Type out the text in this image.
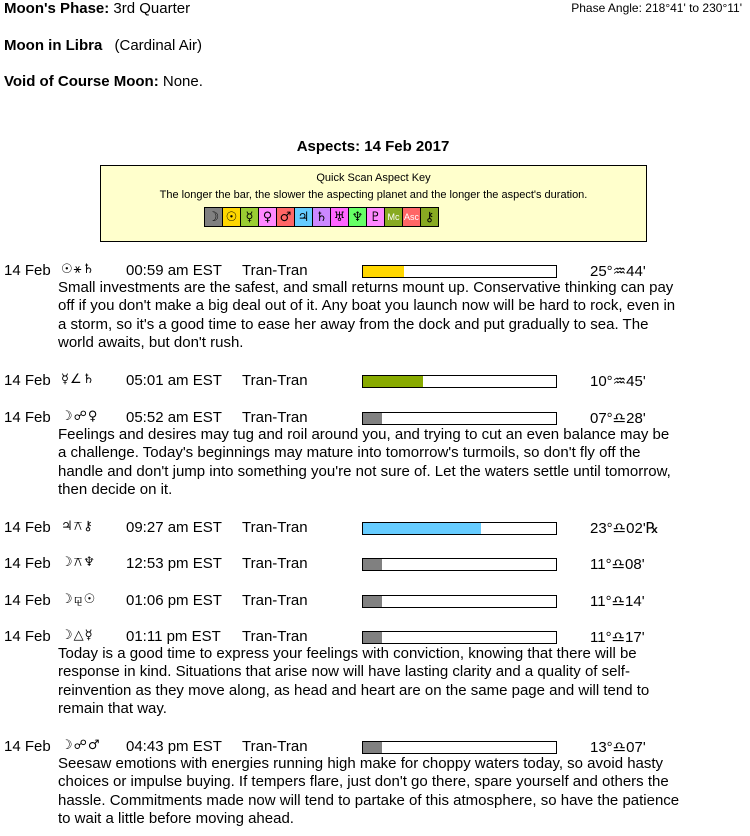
Moon's Phase: 3rd Quarter	Phase Angle: 218°41' to 230°11'
Moon in Libra (Cardinal Air)
Void of Course Moon: None.
Aspects: 14 Feb 2017
Quick Scan Aspect Key
The longer the bar, the slower the aspecting planet and the longer the aspect's duration.
☽ ☉ ☿ ♀ ♂ ♃ ♄ ♅ ♆ ♇ Mc Asc ⚷
14 Feb ☉⚹♄ 00:59 am EST Tran-Tran	25°♒44'
Small investments are the safest, and small returns mount up. Conservative thinking can pay
off if you don't make a big deal out of it. Any boat you launch now will be hard to rock, even in
a storm, so it's a good time to ease her away from the dock and put gradually to sea. The
world awaits, but don't rush.
14 Feb ☿∠♄ 05:01 am EST Tran-Tran	10°♒45'
14 Feb ☽☍♀ 05:52 am EST Tran-Tran	07°♎28'
Feelings and desires may tug and roil around you, and trying to cut an even balance may be
a challenge. Today's beginnings may mature into tomorrow's turmoils, so don't fly off the
handle and don't jump into something you're not sure of. Let the waters settle until tomorrow,
then decide on it.
14 Feb ♃⚻⚷ 09:27 am EST Tran-Tran	23°♎02'℞
14 Feb ☽⚻♆ 12:53 pm EST Tran-Tran	11°♎08'
14 Feb ☽⚼☉ 01:06 pm EST Tran-Tran	11°♎14'
14 Feb ☽△☿ 01:11 pm EST Tran-Tran	11°♎17'
Today is a good time to express your feelings with conviction, knowing that there will be
response in kind. Situations that arise now will have lasting clarity and a quality of self-
reinvention as they move along, as head and heart are on the same page and will tend to
remain that way.
14 Feb ☽☍♂ 04:43 pm EST Tran-Tran	13°♎07'
Seesaw emotions with energies running high make for choppy waters today, so avoid hasty
choices or impulse buying. If tempers flare, just don't go there, spare yourself and others the
hassle. Commitments made now will tend to partake of this atmosphere, so have the patience
to wait a little before moving ahead.
